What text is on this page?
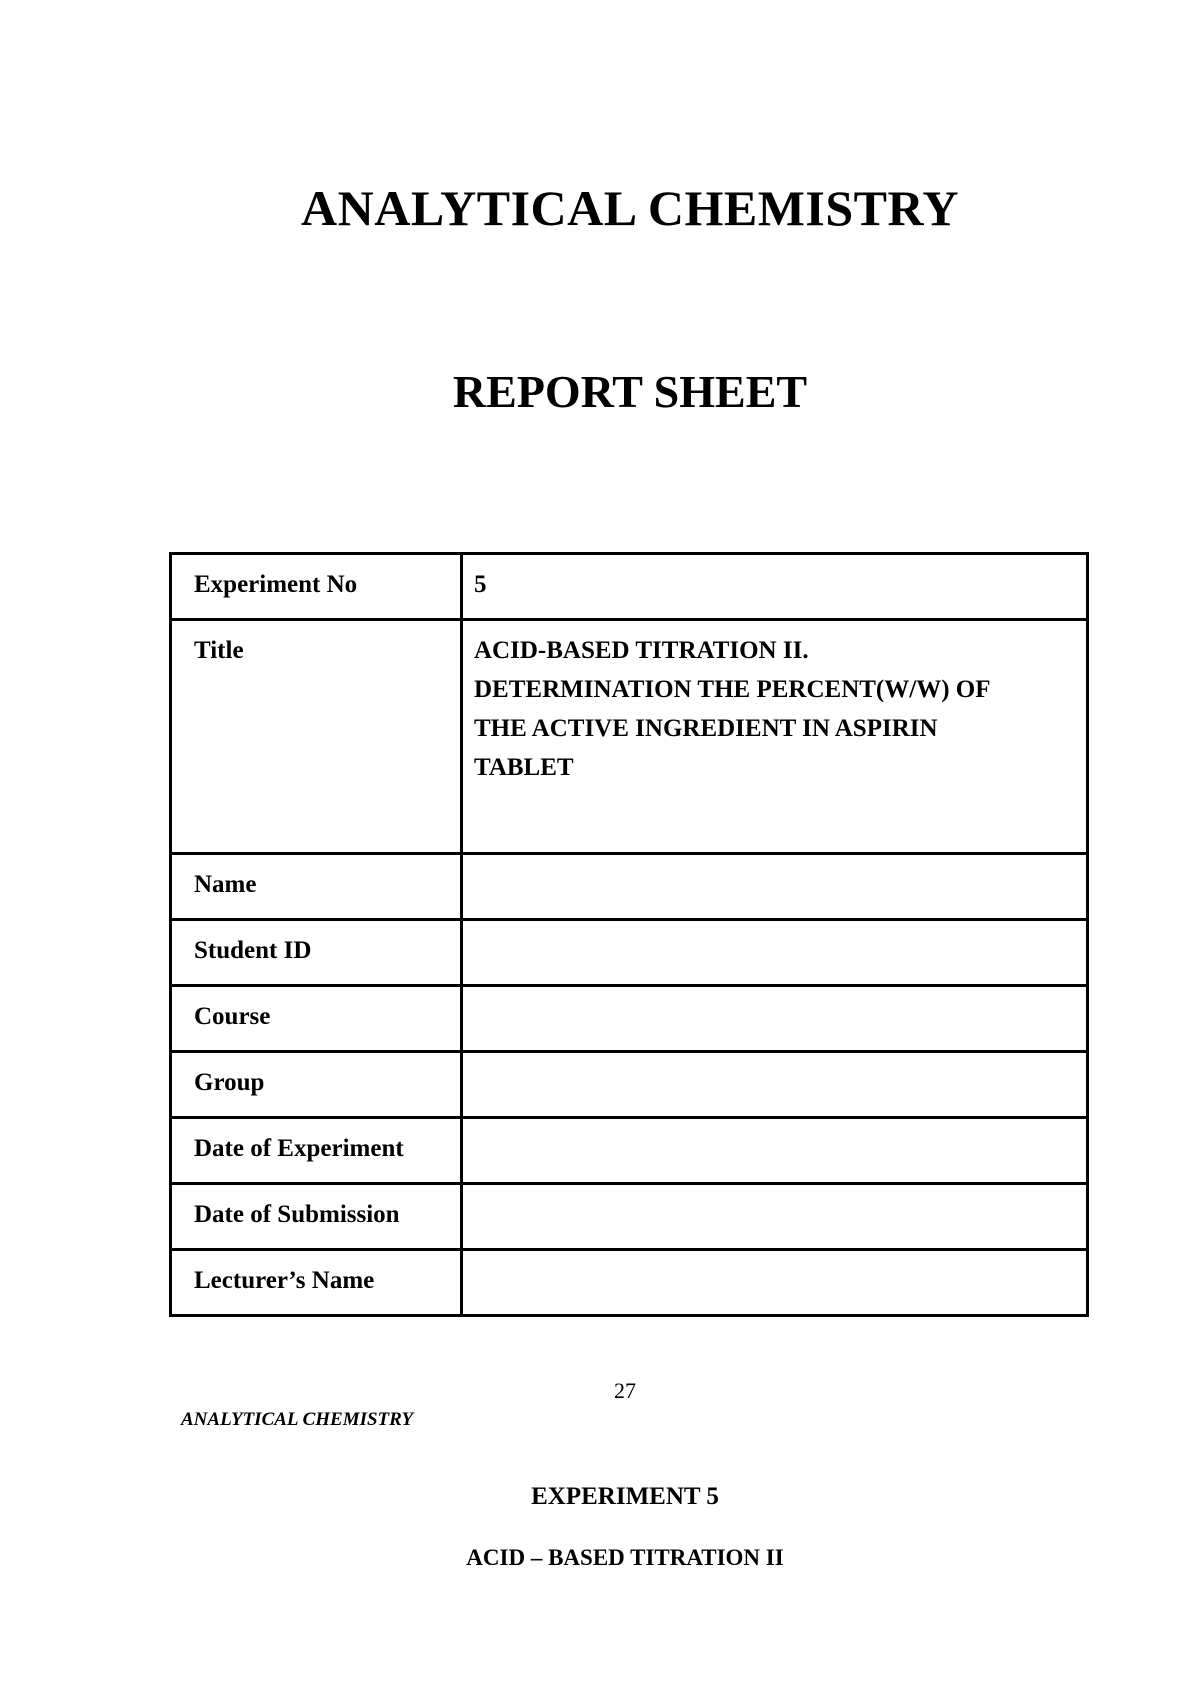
ANALYTICAL CHEMISTRY
REPORT SHEET
Experiment No	5
Title	ACID-BASED TITRATION II.
DETERMINATION THE PERCENT(W/W) OF
THE ACTIVE INGREDIENT IN ASPIRIN
TABLET

Name	
Student ID	
Course	
Group	
Date of Experiment	
Date of Submission	
Lecturer’s Name	
27
ANALYTICAL CHEMISTRY
EXPERIMENT 5
ACID – BASED TITRATION II
